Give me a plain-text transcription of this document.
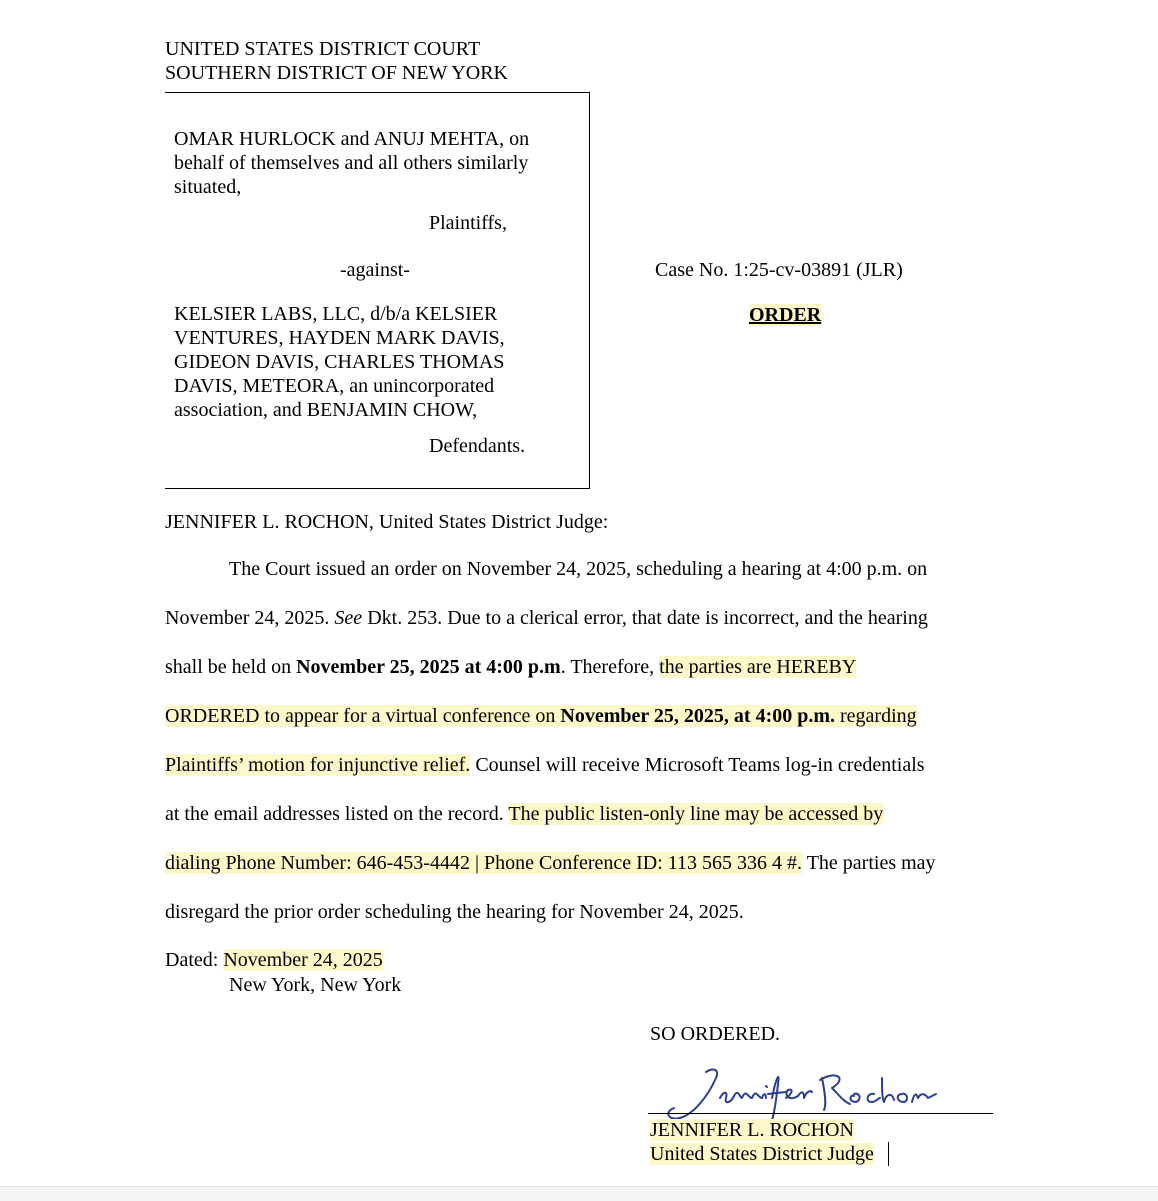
UNITED STATES DISTRICT COURT
SOUTHERN DISTRICT OF NEW YORK
OMAR HURLOCK and ANUJ MEHTA, on
behalf of themselves and all others similarly
situated,
Plaintiffs,
-against-
KELSIER LABS, LLC, d/b/a KELSIER
VENTURES, HAYDEN MARK DAVIS,
GIDEON DAVIS, CHARLES THOMAS
DAVIS, METEORA, an unincorporated
association, and BENJAMIN CHOW,
Defendants.
Case No. 1:25-cv-03891 (JLR)
ORDER
JENNIFER L. ROCHON, United States District Judge:
The Court issued an order on November 24, 2025, scheduling a hearing at 4:00 p.m. on
November 24, 2025. See Dkt. 253. Due to a clerical error, that date is incorrect, and the hearing
shall be held on November 25, 2025 at 4:00 p.m. Therefore, the parties are HEREBY
ORDERED to appear for a virtual conference on November 25, 2025, at 4:00 p.m. regarding
Plaintiffs’ motion for injunctive relief. Counsel will receive Microsoft Teams log-in credentials
at the email addresses listed on the record. The public listen-only line may be accessed by
dialing Phone Number: 646-453-4442 | Phone Conference ID: 113 565 336 4 #. The parties may
disregard the prior order scheduling the hearing for November 24, 2025.
Dated: November 24, 2025
New York, New York
SO ORDERED.
JENNIFER L. ROCHON
United States District Judge
